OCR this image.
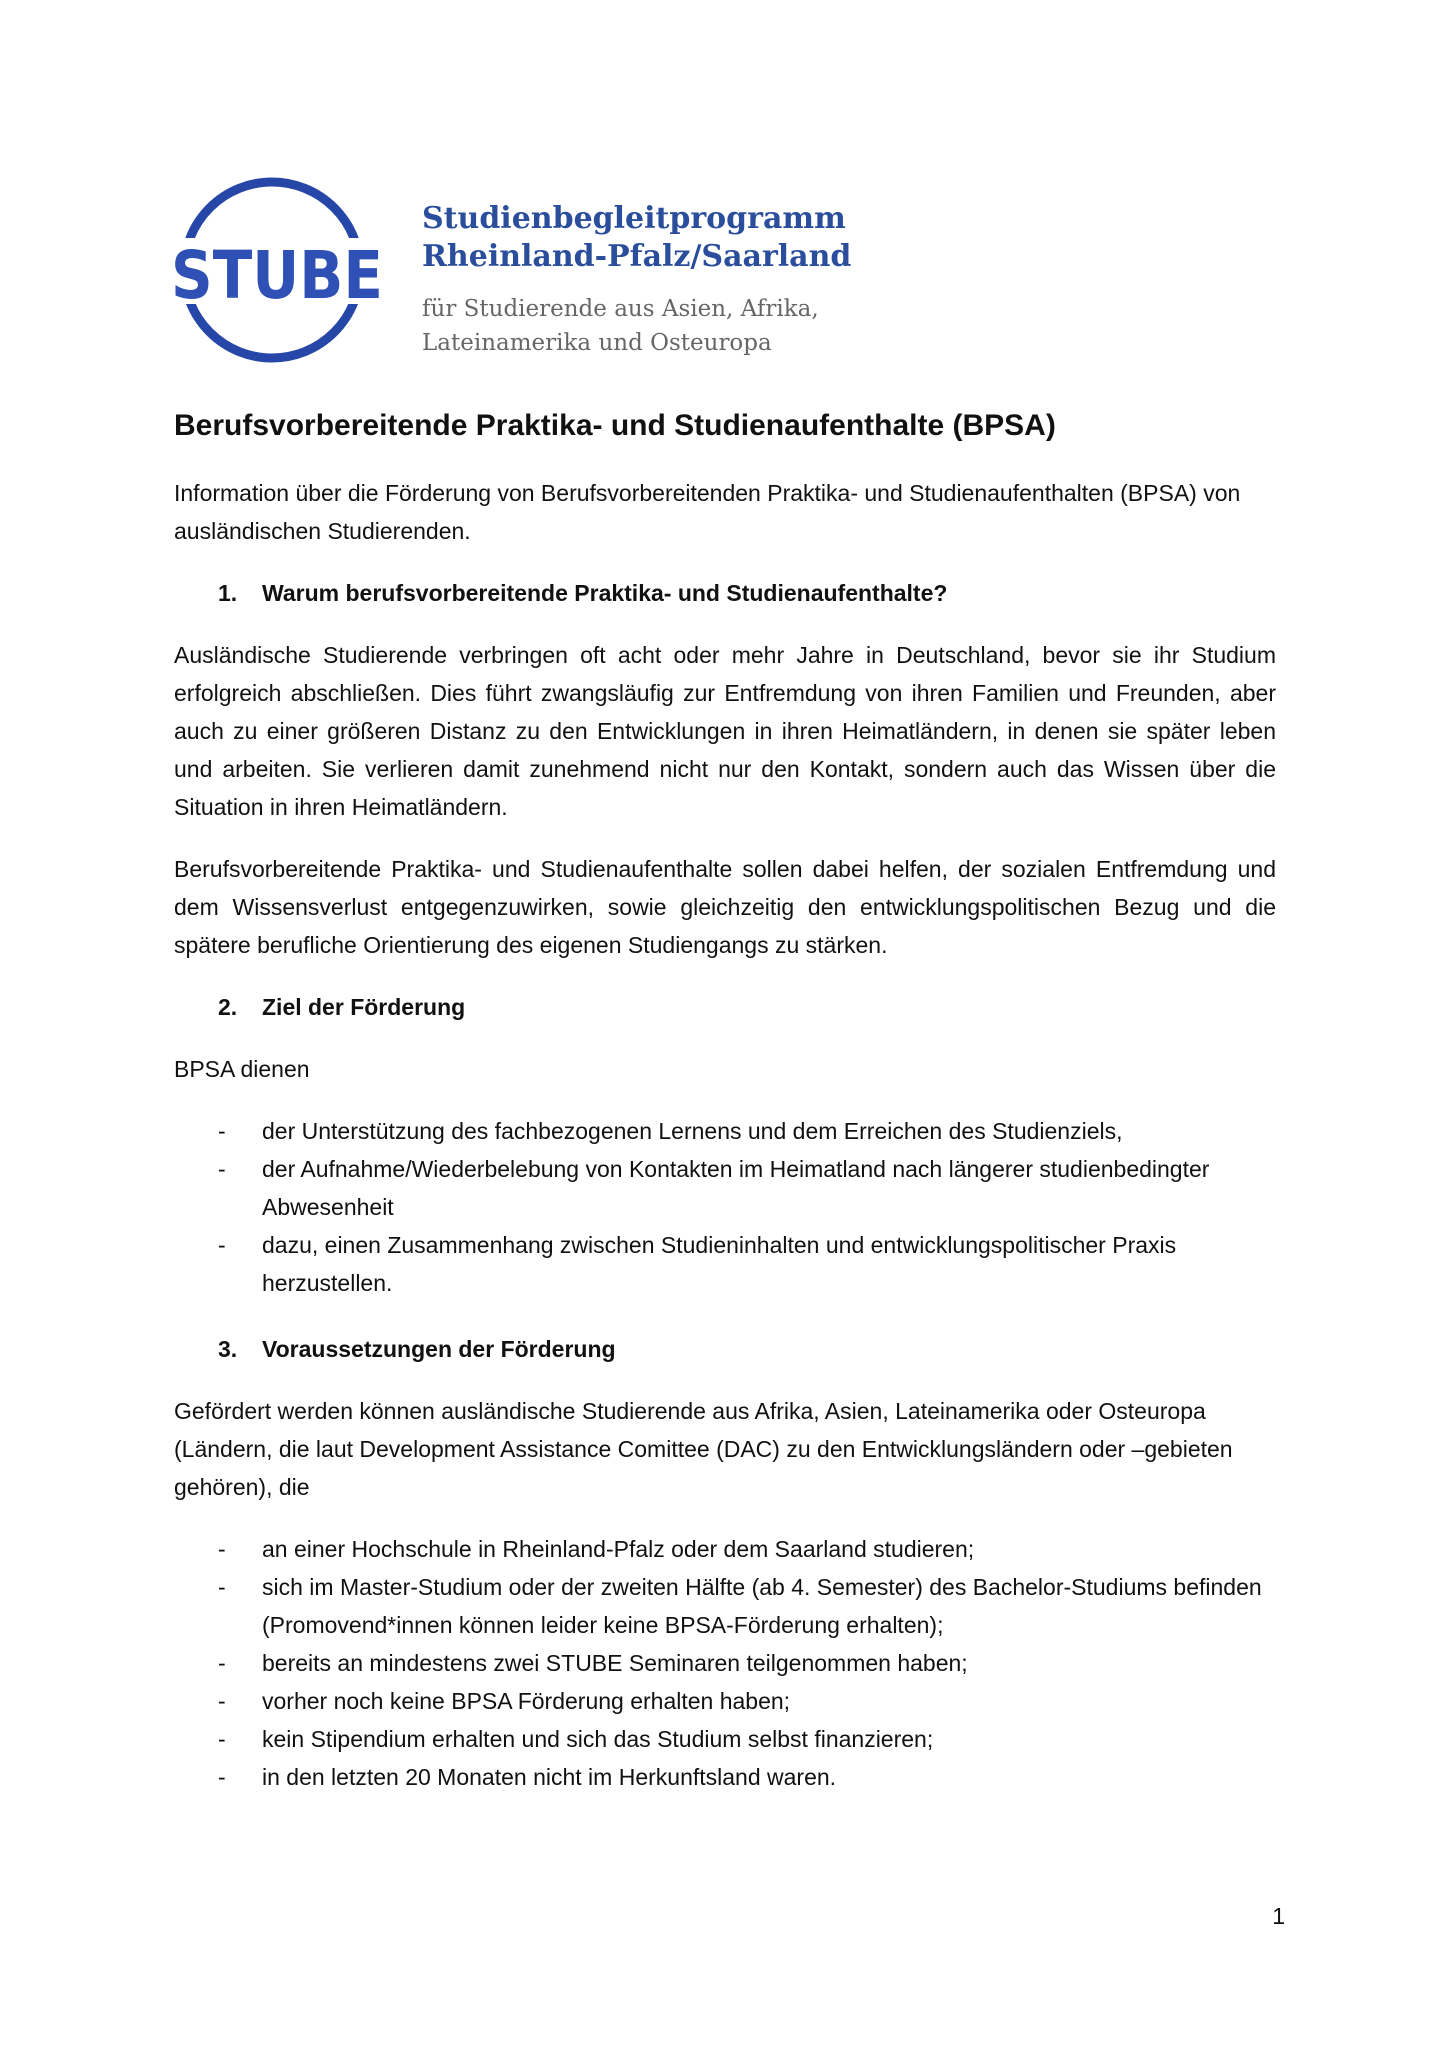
STUBE
Studienbegleitprogramm
Rheinland-Pfalz/Saarland
für Studierende aus Asien, Afrika,
Lateinamerika und Osteuropa
Berufsvorbereitende Praktika- und Studienaufenthalte (BPSA)

Information über die Förderung von Berufsvorbereitenden Praktika- und Studienaufenthalten (BPSA) von ausländischen Studierenden.

1. Warum berufsvorbereitende Praktika- und Studienaufenthalte?

Ausländische Studierende verbringen oft acht oder mehr Jahre in Deutschland, bevor sie ihr Studium erfolgreich abschließen. Dies führt zwangsläufig zur Entfremdung von ihren Familien und Freunden, aber auch zu einer größeren Distanz zu den Entwicklungen in ihren Heimatländern, in denen sie später leben und arbeiten. Sie verlieren damit zunehmend nicht nur den Kontakt, sondern auch das Wissen über die Situation in ihren Heimatländern.

Berufsvorbereitende Praktika- und Studienaufenthalte sollen dabei helfen, der sozialen Entfremdung und dem Wissensverlust entgegenzuwirken, sowie gleichzeitig den entwicklungspolitischen Bezug und die spätere berufliche Orientierung des eigenen Studiengangs zu stärken.

2. Ziel der Förderung

BPSA dienen

- der Unterstützung des fachbezogenen Lernens und dem Erreichen des Studienziels,
- der Aufnahme/Wiederbelebung von Kontakten im Heimatland nach längerer studienbedingter Abwesenheit
- dazu, einen Zusammenhang zwischen Studieninhalten und entwicklungspolitischer Praxis herzustellen.
3. Voraussetzungen der Förderung

Gefördert werden können ausländische Studierende aus Afrika, Asien, Lateinamerika oder Osteuropa (Ländern, die laut Development Assistance Comittee (DAC) zu den Entwicklungsländern oder –gebieten gehören), die

- an einer Hochschule in Rheinland-Pfalz oder dem Saarland studieren;
- sich im Master-Studium oder der zweiten Hälfte (ab 4. Semester) des Bachelor-Studiums befinden (Promovend*innen können leider keine BPSA-Förderung erhalten);
- bereits an mindestens zwei STUBE Seminaren teilgenommen haben;
- vorher noch keine BPSA Förderung erhalten haben;
- kein Stipendium erhalten und sich das Studium selbst finanzieren;
- in den letzten 20 Monaten nicht im Herkunftsland waren.
1
